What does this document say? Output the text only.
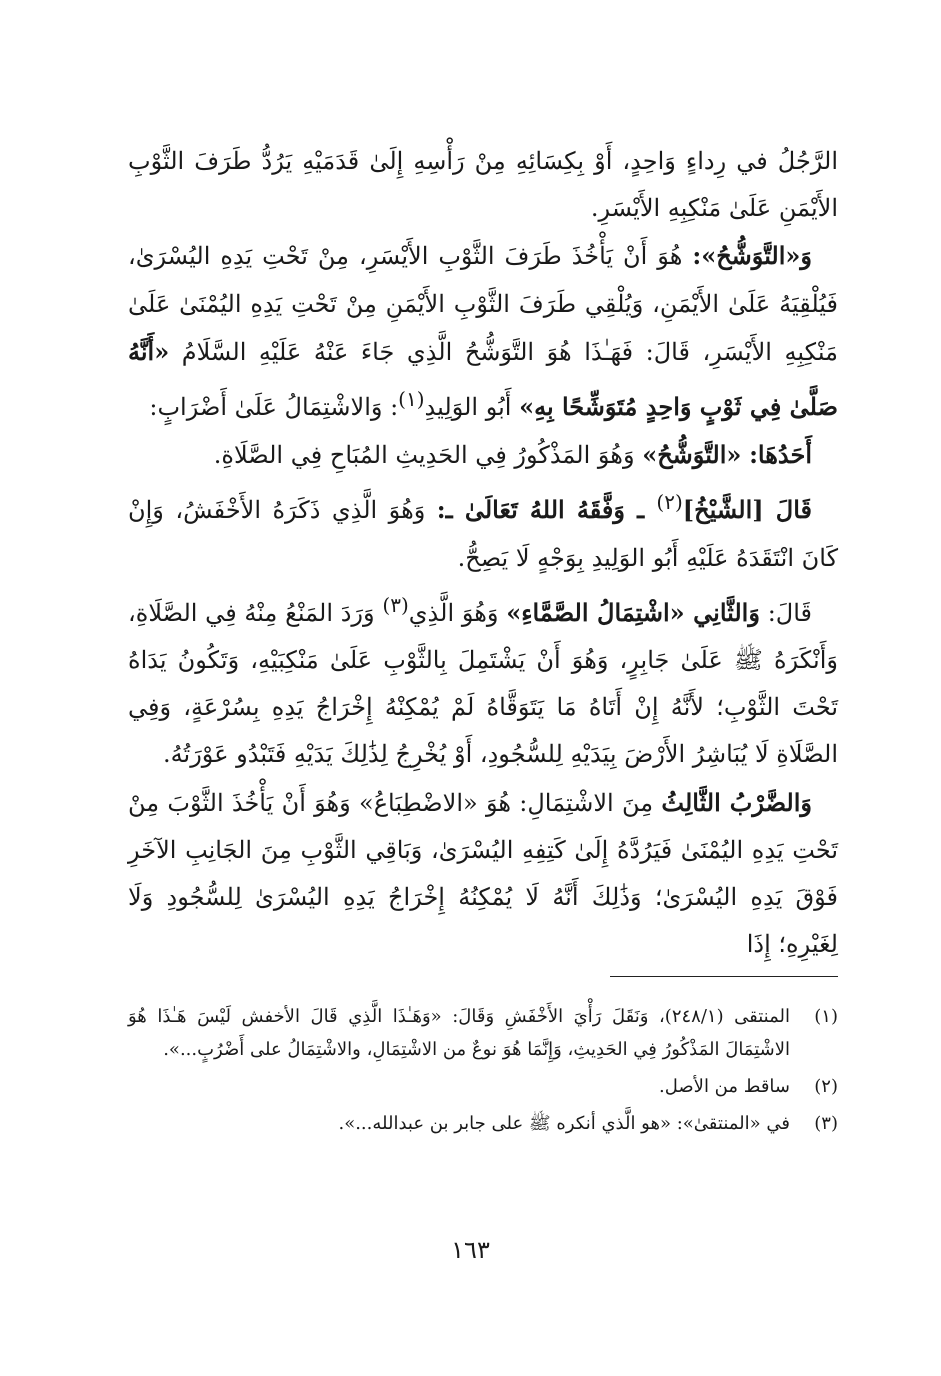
الرَّجُلُ في رِداءٍ وَاحِدٍ، أَوْ بِكِسَائِهِ مِنْ رَأْسِهِ إِلَىٰ قَدَمَيْهِ يَرُدُّ طَرَفَ الثَّوْبِ الأَيْمَنِ عَلَىٰ مَنْكِبِهِ الأَيْسَرِ.

وَ«التَّوَشُّحُ»: هُوَ أَنْ يَأْخُذَ طَرَفَ الثَّوْبِ الأَيْسَرِ، مِنْ تَحْتِ يَدِهِ اليُسْرَىٰ، فَيُلْقِيَهُ عَلَىٰ الأَيْمَنِ، وَيُلْقِي طَرَفَ الثَّوْبِ الأَيْمَنِ مِنْ تَحْتِ يَدِهِ اليُمْنَىٰ عَلَىٰ مَنْكِبِهِ الأَيْسَرِ، قَالَ: فَهَـٰذَا هُوَ التَّوَشُّحُ الَّذِي جَاءَ عَنْهُ عَلَيْهِ السَّلَامُ «أَنَّهُ صَلَّىٰ فِي ثَوْبٍ وَاحِدٍ مُتَوَشِّحًا بِهِ» أَبُو الوَلِيدِ$^{(١)}$: وَالاشْتِمَالُ عَلَىٰ أَضْرَابٍ:

أَحَدُهَا: «التَّوَشُّحُ» وَهُوَ المَذْكُورُ فِي الحَدِيثِ المُبَاحِ فِي الصَّلَاةِ.

قَالَ [الشَّيْخُ]$^{(٢)}$ ـ وَفَّقَهُ اللهُ تَعَالَىٰ ـ: وَهُوَ الَّذِي ذَكَرَهُ الأَخْفَشُ، وَإِنْ كَانَ انْتَقَدَهُ عَلَيْهِ أَبُو الوَلِيدِ بِوَجْهٍ لَا يَصِحُّ.

قَالَ: وَالثَّانِي «اشْتِمَالُ الصَّمَّاءِ» وَهُوَ الَّذِي$^{(٣)}$ وَرَدَ المَنْعُ مِنْهُ فِي الصَّلَاةِ، وَأَنْكَرَهُ ﷺ عَلَىٰ جَابِرٍ، وَهُوَ أَنْ يَشْتَمِلَ بِالثَّوْبِ عَلَىٰ مَنْكِبَيْهِ، وَتَكُونُ يَدَاهُ تَحْتَ الثَّوْبِ؛ لأَنَّهُ إِنْ أَتَاهُ مَا يَتَوَقَّاهُ لَمْ يُمْكِنْهُ إِخْرَاجُ يَدِهِ بِسُرْعَةٍ، وَفِي الصَّلَاةِ لَا يُبَاشِرُ الأَرْضَ بِيَدَيْهِ لِلسُّجُودِ، أَوْ يُخْرِجُ لِذَٰلِكَ يَدَيْهِ فَتَبْدُو عَوْرَتُهُ.

وَالضَّرْبُ الثَّالِثُ مِنَ الاشْتِمَالِ: هُوَ «الاضْطِبَاعُ» وَهُوَ أَنْ يَأْخُذَ الثَّوْبَ مِنْ تَحْتِ يَدِهِ اليُمْنَىٰ فَيَرُدَّهُ إِلَىٰ كَتِفِهِ اليُسْرَىٰ، وَبَاقِي الثَّوْبِ مِنَ الجَانِبِ الآخَرِ فَوْقَ يَدِهِ اليُسْرَىٰ؛ وَذَٰلِكَ أَنَّهُ لَا يُمْكِنُهُ إِخْرَاجُ يَدِهِ اليُسْرَىٰ لِلسُّجُودِ وَلَا لِغَيْرِهِ؛ إِذَا

(١)
المنتقى (٢٤٨/١)، وَنَقَلَ رَأْيَ الأَخْفَشِ وَقَالَ: «وَهَـٰذَا الَّذِي قَالَ الأخفش لَيْسَ هَـٰذَا هُوَ الاشْتِمَالَ المَذْكُورُ فِي الحَدِيثِ، وَإِنَّمَا هُوَ نوعٌ من الاشْتِمَالِ، والاشْتِمَالُ على أَضْرُبٍ...».
(٢)
ساقط من الأصل.
(٣)
في «المنتقىٰ»: «هو الَّذي أنكره ﷺ على جابر بن عبدالله...».
١٦٣
